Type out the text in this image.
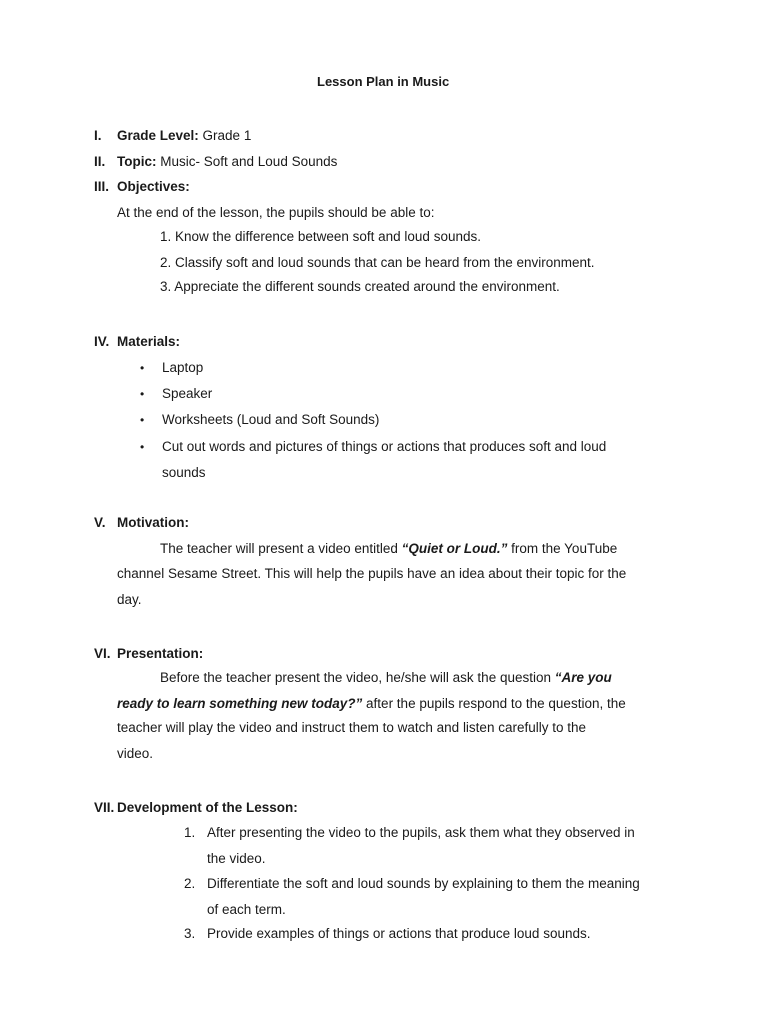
Lesson Plan in Music
I. Grade Level: Grade 1
II. Topic: Music- Soft and Loud Sounds
III. Objectives:
At the end of the lesson, the pupils should be able to:
1. Know the difference between soft and loud sounds.
2. Classify soft and loud sounds that can be heard from the environment.
3. Appreciate the different sounds created around the environment.
IV. Materials:
• Laptop
• Speaker
• Worksheets (Loud and Soft Sounds)
• Cut out words and pictures of things or actions that produces soft and loud
sounds
V. Motivation:
The teacher will present a video entitled “Quiet or Loud.” from the YouTube
channel Sesame Street. This will help the pupils have an idea about their topic for the
day.
VI. Presentation:
Before the teacher present the video, he/she will ask the question “Are you
ready to learn something new today?” after the pupils respond to the question, the
teacher will play the video and instruct them to watch and listen carefully to the
video.
VII. Development of the Lesson:
1. After presenting the video to the pupils, ask them what they observed in
the video.
2. Differentiate the soft and loud sounds by explaining to them the meaning
of each term.
3. Provide examples of things or actions that produce loud sounds.
